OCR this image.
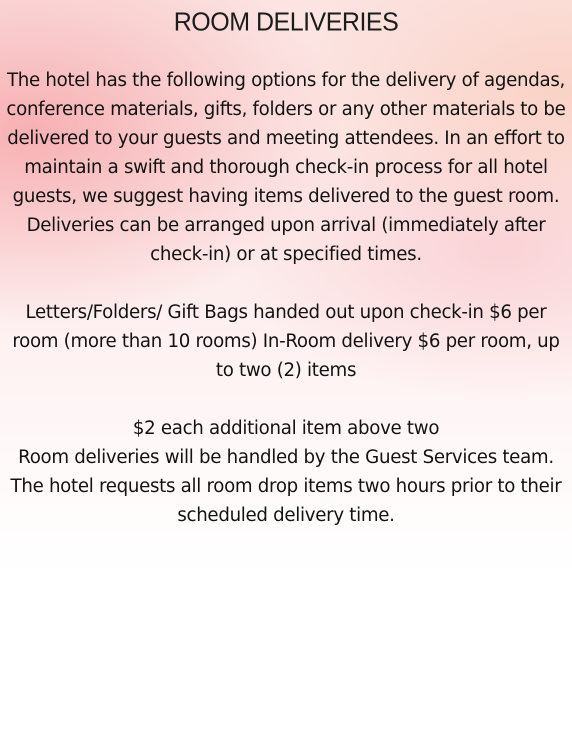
ROOM DELIVERIES

The hotel has the following options for the delivery of agendas, conference materials, gifts, folders or any other materials to be delivered to your guests and meeting attendees. In an effort to maintain a swift and thorough check-in process for all hotel guests, we suggest having items delivered to the guest room. Deliveries can be arranged upon arrival (immediately after check-in) or at specified times.

Letters/Folders/ Gift Bags handed out upon check-in $6 per room (more than 10 rooms) In-Room delivery $6 per room, up to two (2) items

$2 each additional item above two

Room deliveries will be handled by the Guest Services team. The hotel requests all room drop items two hours prior to their scheduled delivery time.
